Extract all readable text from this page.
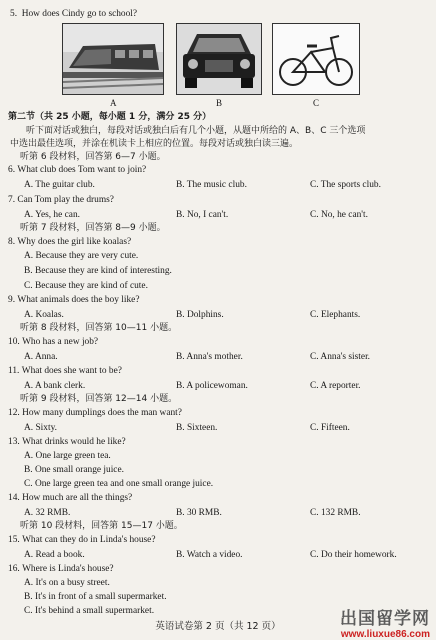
5. How does Cindy go to school?
A	B	C
第二节（共 25 小题，每小题 1 分，满分 25 分）
听下面对话或独白，每段对话或独白后有几个小题，从题中所给的 A、B、C 三个选项
中选出最佳选项，并涂在机读卡上相应的位置。每段对话或独白读三遍。
听第 6 段材料，回答第 6—7 小题。
6. What club does Tom want to join?
A. The guitar club.	B. The music club.	C. The sports club.
7. Can Tom play the drums?
A. Yes, he can.	B. No, I can't.	C. No, he can't.
听第 7 段材料，回答第 8—9 小题。
8. Why does the girl like koalas?
A. Because they are very cute.
B. Because they are kind of interesting.
C. Because they are kind of cute.
9. What animals does the boy like?
A. Koalas.	B. Dolphins.	C. Elephants.
听第 8 段材料，回答第 10—11 小题。
10. Who has a new job?
A. Anna.	B. Anna's mother.	C. Anna's sister.
11. What does she want to be?
A. A bank clerk.	B. A policewoman.	C. A reporter.
听第 9 段材料，回答第 12—14 小题。
12. How many dumplings does the man want?
A. Sixty.	B. Sixteen.	C. Fifteen.
13. What drinks would he like?
A. One large green tea.
B. One small orange juice.
C. One large green tea and one small orange juice.
14. How much are all the things?
A. 32 RMB.	B. 30 RMB.	C. 132 RMB.
听第 10 段材料，回答第 15—17 小题。
15. What can they do in Linda's house?
A. Read a book.	B. Watch a video.	C. Do their homework.
16. Where is Linda's house?
A. It's on a busy street.
B. It's in front of a small supermarket.
C. It's behind a small supermarket.
英语试卷第 2 页（共 12 页）	出国留学网
www.liuxue86.com
